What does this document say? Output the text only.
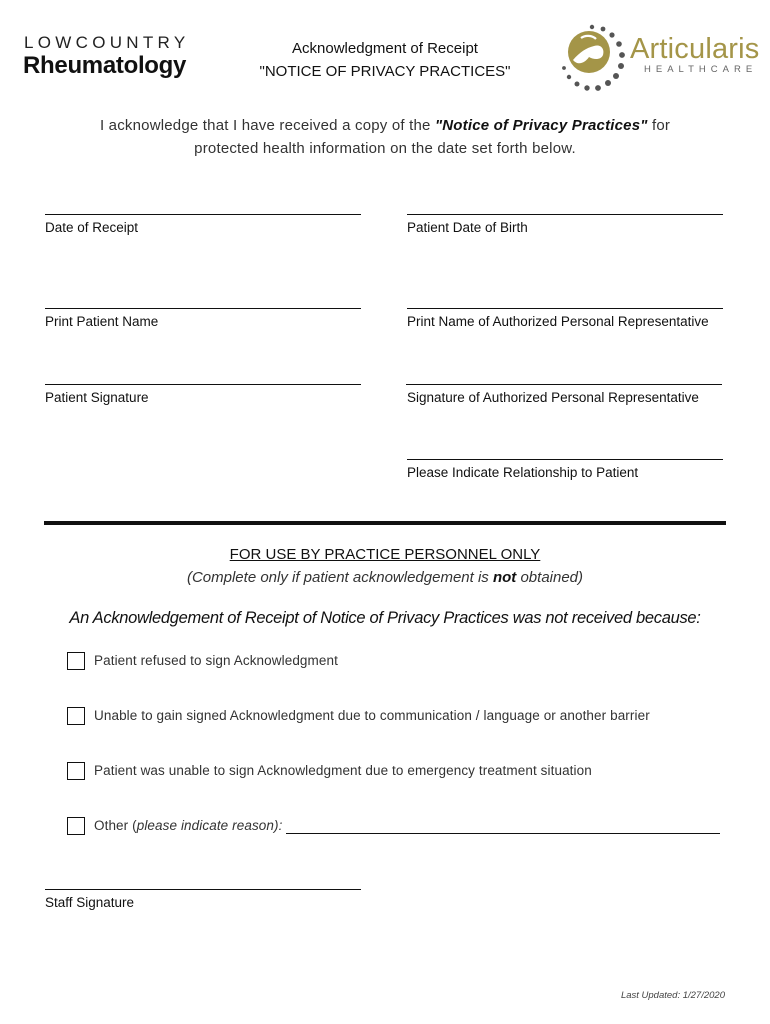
LOWCOUNTRY
Rheumatology
Acknowledgment of Receipt
"NOTICE OF PRIVACY PRACTICES"
Articularis
HEALTHCARE
I acknowledge that I have received a copy of the "Notice of Privacy Practices" for
protected health information on the date set forth below.
Date of Receipt	Patient Date of Birth
Print Patient Name	Print Name of Authorized Personal Representative
Patient Signature	Signature of Authorized Personal Representative
Please Indicate Relationship to Patient
FOR USE BY PRACTICE PERSONNEL ONLY
(Complete only if patient acknowledgement is not obtained)
An Acknowledgement of Receipt of Notice of Privacy Practices was not received because:
Patient refused to sign Acknowledgment
Unable to gain signed Acknowledgment due to communication / language or another barrier
Patient was unable to sign Acknowledgment due to emergency treatment situation
Other (please indicate reason):
Staff Signature
Last Updated: 1/27/2020
